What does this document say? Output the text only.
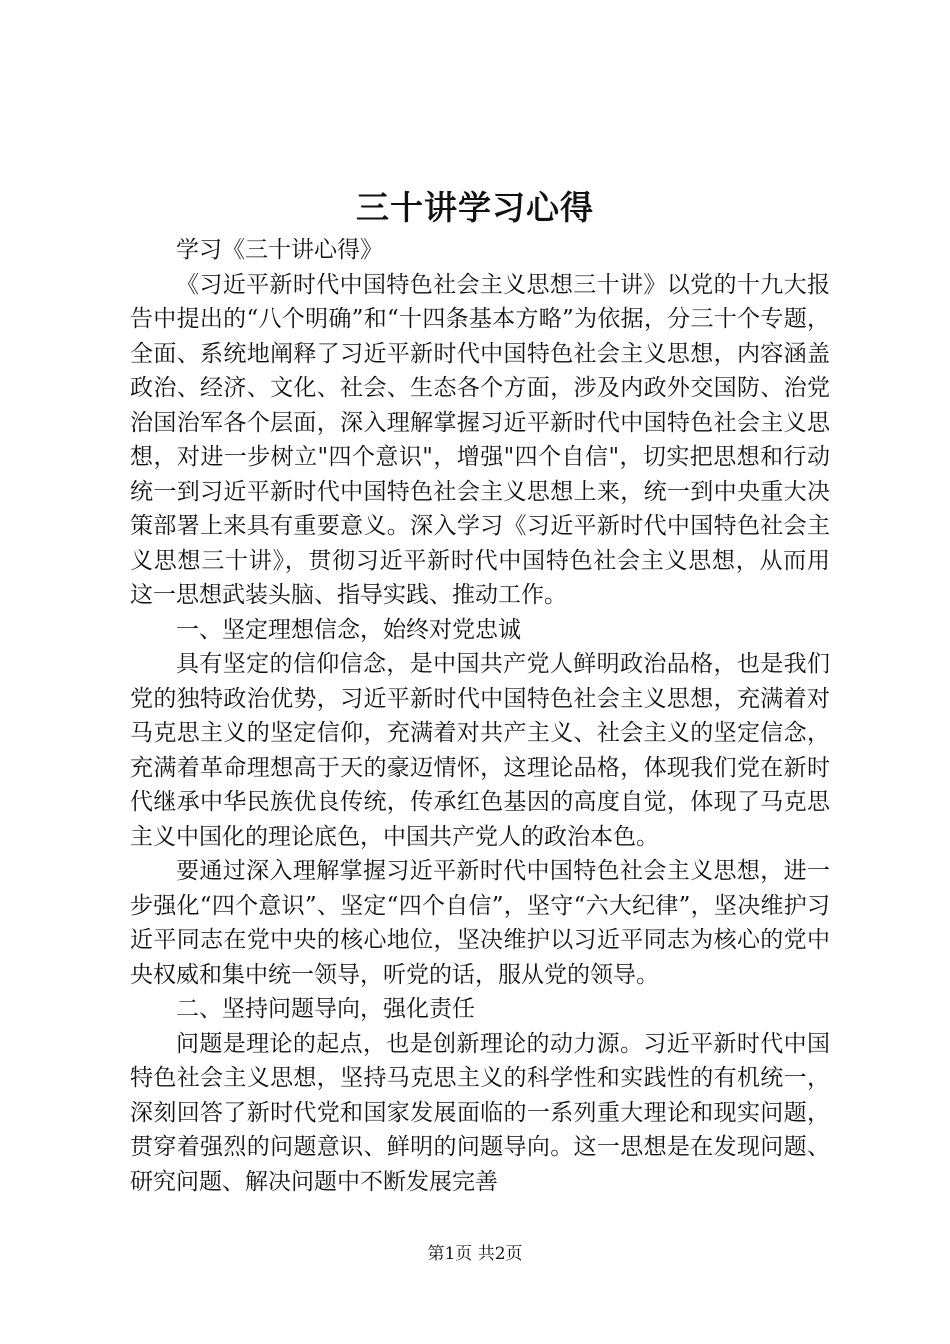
三十讲学习心得

学习《三十讲心得》

《习近平新时代中国特色社会主义思想三十讲》以党的十九大报告中提出的“八个明确”和“十四条基本方略”为依据，分三十个专题，全面、系统地阐释了习近平新时代中国特色社会主义思想，内容涵盖政治、经济、文化、社会、生态各个方面，涉及内政外交国防、治党治国治军各个层面，深入理解掌握习近平新时代中国特色社会主义思想，对进一步树立"四个意识"，增强"四个自信"，切实把思想和行动统一到习近平新时代中国特色社会主义思想上来，统一到中央重大决策部署上来具有重要意义。深入学习《习近平新时代中国特色社会主义思想三十讲》，贯彻习近平新时代中国特色社会主义思想，从而用这一思想武装头脑、指导实践、推动工作。

一、坚定理想信念，始终对党忠诚

具有坚定的信仰信念，是中国共产党人鲜明政治品格，也是我们党的独特政治优势，习近平新时代中国特色社会主义思想，充满着对马克思主义的坚定信仰，充满着对共产主义、社会主义的坚定信念，充满着革命理想高于天的豪迈情怀，这理论品格，体现我们党在新时代继承中华民族优良传统，传承红色基因的高度自觉，体现了马克思主义中国化的理论底色，中国共产党人的政治本色。

要通过深入理解掌握习近平新时代中国特色社会主义思想，进一步强化“四个意识”、坚定“四个自信”，坚守“六大纪律”，坚决维护习近平同志在党中央的核心地位，坚决维护以习近平同志为核心的党中央权威和集中统一领导，听党的话，服从党的领导。

二、坚持问题导向，强化责任

问题是理论的起点，也是创新理论的动力源。习近平新时代中国特色社会主义思想，坚持马克思主义的科学性和实践性的有机统一，深刻回答了新时代党和国家发展面临的一系列重大理论和现实问题，贯穿着强烈的问题意识、鲜明的问题导向。这一思想是在发现问题、研究问题、解决问题中不断发展完善

第1页 共2页
